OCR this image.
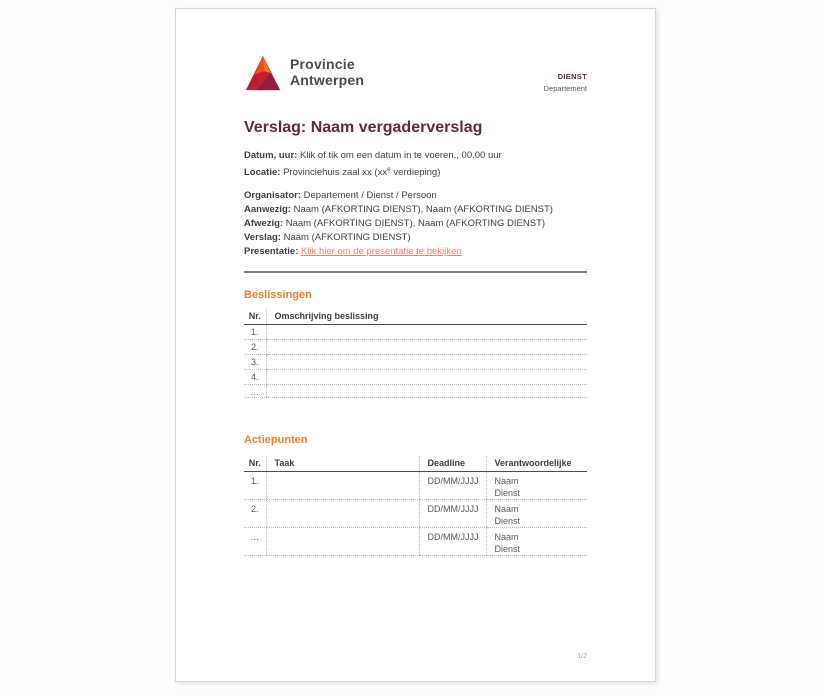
Provincie
Antwerpen	DIENST
Departement
Verslag: Naam vergaderverslag
Datum, uur: Klik of tik om een datum in te voeren., 00.00 uur
Locatie: Provinciehuis zaal xx ($xx^e$ verdieping)
Organisator: Departement / Dienst / Persoon
Aanwezig: Naam (AFKORTING DIENST), Naam (AFKORTING DIENST)
Afwezig: Naam (AFKORTING DIENST), Naam (AFKORTING DIENST)
Verslag: Naam (AFKORTING DIENST)
Presentatie: Klik hier om de presentatie te bekijken
Beslissingen
Nr.	Omschrijving beslissing
1.	
2.	
3.	
4.	
…	
Actiepunten
Nr.	Taak	Deadline	Verantwoordelijke
1.		DD/MM/JJJJ	Naam
Dienst

2.		DD/MM/JJJJ	Naam
Dienst

…		DD/MM/JJJJ	Naam
Dienst
1/2
